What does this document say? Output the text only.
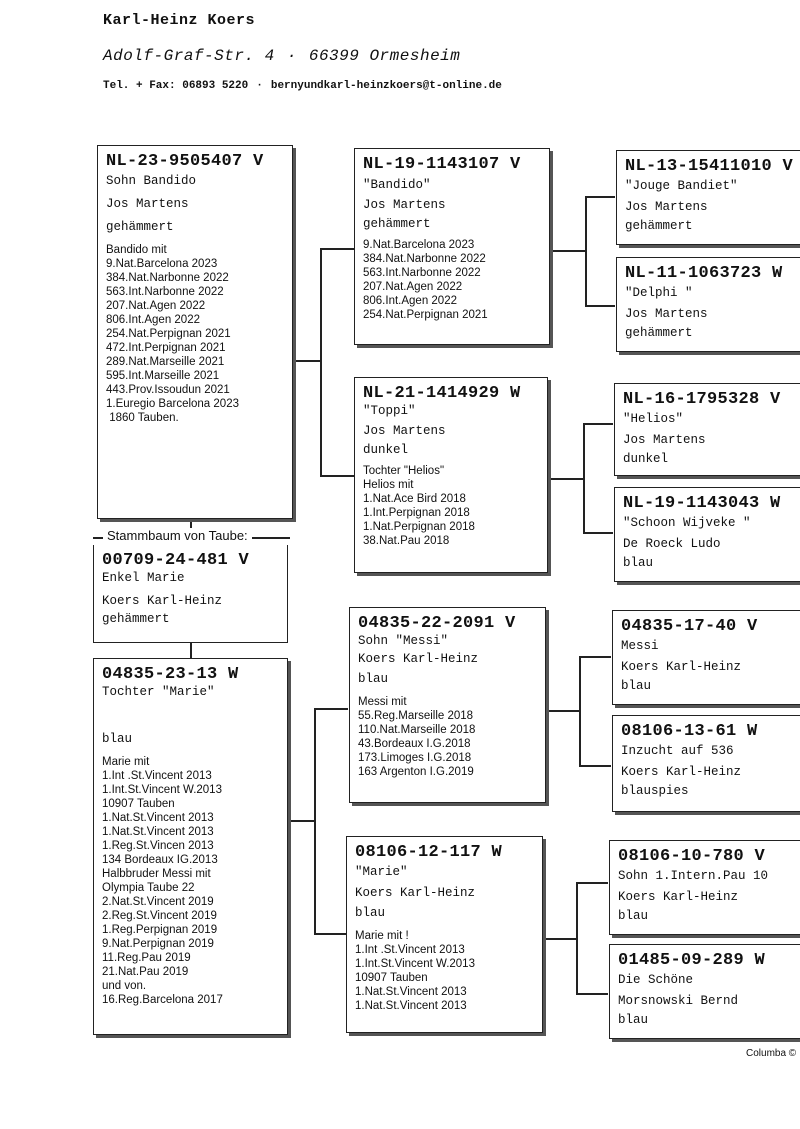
Karl-Heinz Koers
Adolf-Graf-Str. 4 · 66399 Ormesheim
Tel. + Fax: 06893 5220 · bernyundkarl-heinzkoers@t-online.de
NL-23-9505407 V
Sohn Bandido
Jos Martens
gehämmert
Bandido mit
9.Nat.Barcelona 2023
384.Nat.Narbonne 2022
563.Int.Narbonne 2022
207.Nat.Agen 2022
806.Int.Agen 2022
254.Nat.Perpignan 2021
472.Int.Perpignan 2021
289.Nat.Marseille 2021
595.Int.Marseille 2021
443.Prov.Issoudun 2021
1.Euregio Barcelona 2023
1860 Tauben.
Stammbaum von Taube:
00709-24-481 V
Enkel Marie
Koers Karl-Heinz
gehämmert
04835-23-13 W
Tochter "Marie"
blau
Marie mit
1.Int .St.Vincent 2013
1.Int.St.Vincent W.2013
10907 Tauben
1.Nat.St.Vincent 2013
1.Nat.St.Vincent 2013
1.Reg.St.Vincen 2013
134 Bordeaux IG.2013
Halbbruder Messi mit
Olympia Taube 22
2.Nat.St.Vincent 2019
2.Reg.St.Vincent 2019
1.Reg.Perpignan 2019
9.Nat.Perpignan 2019
11.Reg.Pau 2019
21.Nat.Pau 2019
und von.
16.Reg.Barcelona 2017
NL-19-1143107 V
"Bandido"
Jos Martens
gehämmert
9.Nat.Barcelona 2023
384.Nat.Narbonne 2022
563.Int.Narbonne 2022
207.Nat.Agen 2022
806.Int.Agen 2022
254.Nat.Perpignan 2021
NL-21-1414929 W
"Toppi"
Jos Martens
dunkel
Tochter "Helios"
Helios mit
1.Nat.Ace Bird 2018
1.Int.Perpignan 2018
1.Nat.Perpignan 2018
38.Nat.Pau 2018
04835-22-2091 V
Sohn "Messi"
Koers Karl-Heinz
blau
Messi mit
55.Reg.Marseille 2018
110.Nat.Marseille 2018
43.Bordeaux I.G.2018
173.Limoges I.G.2018
163 Argenton I.G.2019
08106-12-117 W
"Marie"
Koers Karl-Heinz
blau
Marie mit !
1.Int .St.Vincent 2013
1.Int.St.Vincent W.2013
10907 Tauben
1.Nat.St.Vincent 2013
1.Nat.St.Vincent 2013
NL-13-15411010 V
"Jouge Bandiet"
Jos Martens
gehämmert
NL-11-1063723 W
"Delphi "
Jos Martens
gehämmert
NL-16-1795328 V
"Helios"
Jos Martens
dunkel
NL-19-1143043 W
"Schoon Wijveke "
De Roeck Ludo
blau
04835-17-40 V
Messi
Koers Karl-Heinz
blau
08106-13-61 W
Inzucht auf 536
Koers Karl-Heinz
blauspies
08106-10-780 V
Sohn 1.Intern.Pau 10
Koers Karl-Heinz
blau
01485-09-289 W
Die Schöne
Morsnowski Bernd
blau
Columba ©
